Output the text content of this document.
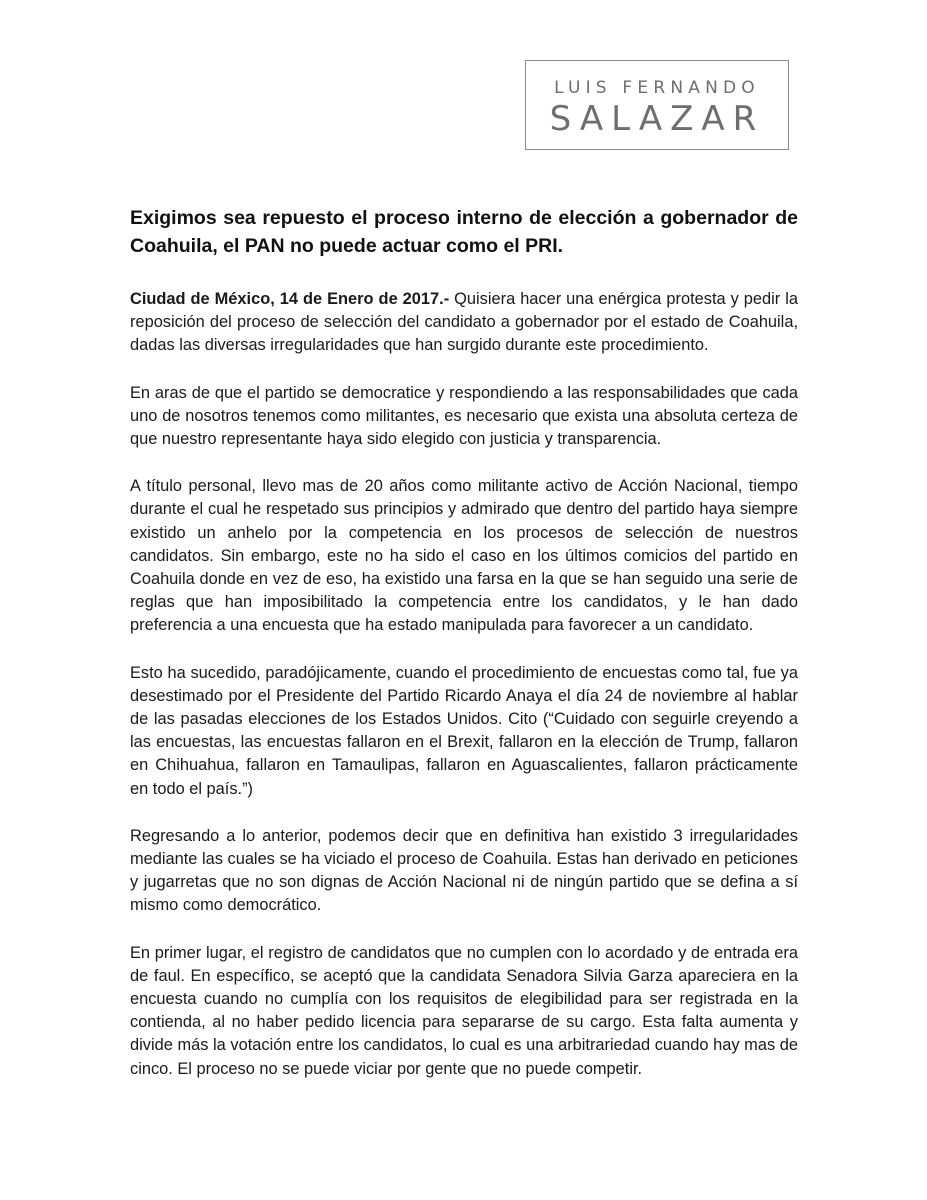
LUIS FERNANDO
SALAZAR

Exigimos sea repuesto el proceso interno de elección a gobernador de Coahuila, el PAN no puede actuar como el PRI.

Ciudad de México, 14 de Enero de 2017.- Quisiera hacer una enérgica protesta y pedir la reposición del proceso de selección del candidato a gobernador por el estado de Coahuila, dadas las diversas irregularidades que han surgido durante este procedimiento.

En aras de que el partido se democratice y respondiendo a las responsabilidades que cada uno de nosotros tenemos como militantes, es necesario que exista una absoluta certeza de que nuestro representante haya sido elegido con justicia y transparencia.

A título personal, llevo mas de 20 años como militante activo de Acción Nacional, tiempo durante el cual he respetado sus principios y admirado que dentro del partido haya siempre existido un anhelo por la competencia en los procesos de selección de nuestros candidatos. Sin embargo, este no ha sido el caso en los últimos comicios del partido en Coahuila donde en vez de eso, ha existido una farsa en la que se han seguido una serie de reglas que han imposibilitado la competencia entre los candidatos, y le han dado preferencia a una encuesta que ha estado manipulada para favorecer a un candidato.

Esto ha sucedido, paradójicamente, cuando el procedimiento de encuestas como tal, fue ya desestimado por el Presidente del Partido Ricardo Anaya el día 24 de noviembre al hablar de las pasadas elecciones de los Estados Unidos. Cito (“Cuidado con seguirle creyendo a las encuestas, las encuestas fallaron en el Brexit, fallaron en la elección de Trump, fallaron en Chihuahua, fallaron en Tamaulipas, fallaron en Aguascalientes, fallaron prácticamente en todo el país.”)

Regresando a lo anterior, podemos decir que en definitiva han existido 3 irregularidades mediante las cuales se ha viciado el proceso de Coahuila. Estas han derivado en peticiones y jugarretas que no son dignas de Acción Nacional ni de ningún partido que se defina a sí mismo como democrático.

En primer lugar, el registro de candidatos que no cumplen con lo acordado y de entrada era de faul. En específico, se aceptó que la candidata Senadora Silvia Garza apareciera en la encuesta cuando no cumplía con los requisitos de elegibilidad para ser registrada en la contienda, al no haber pedido licencia para separarse de su cargo. Esta falta aumenta y divide más la votación entre los candidatos, lo cual es una arbitrariedad cuando hay mas de cinco. El proceso no se puede viciar por gente que no puede competir.
